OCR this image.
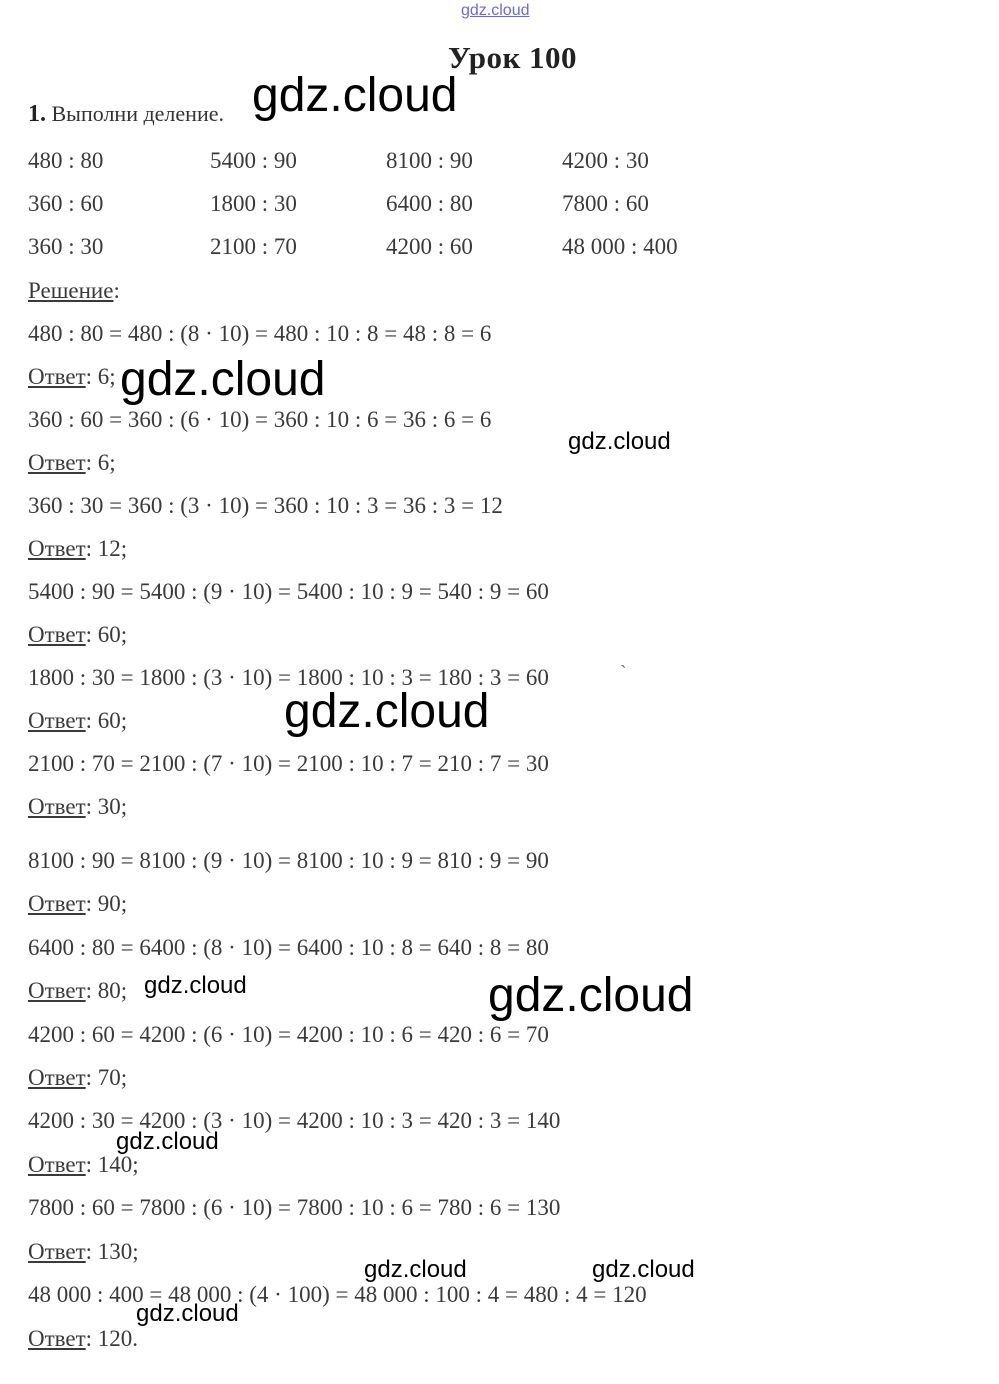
gdz.cloud
Урок 100
1. Выполни деление.
480 : 80	5400 : 90	8100 : 90	4200 : 30
360 : 60	1800 : 30	6400 : 80	7800 : 60
360 : 30	2100 : 70	4200 : 60	48 000 : 400
Решение:
480 : 80 = 480 : (8 · 10) = 480 : 10 : 8 = 48 : 8 = 6
Ответ: 6;
360 : 60 = 360 : (6 · 10) = 360 : 10 : 6 = 36 : 6 = 6
Ответ: 6;
360 : 30 = 360 : (3 · 10) = 360 : 10 : 3 = 36 : 3 = 12
Ответ: 12;
5400 : 90 = 5400 : (9 · 10) = 5400 : 10 : 9 = 540 : 9 = 60
Ответ: 60;
1800 : 30 = 1800 : (3 · 10) = 1800 : 10 : 3 = 180 : 3 = 60
Ответ: 60;
2100 : 70 = 2100 : (7 · 10) = 2100 : 10 : 7 = 210 : 7 = 30
Ответ: 30;
8100 : 90 = 8100 : (9 · 10) = 8100 : 10 : 9 = 810 : 9 = 90
Ответ: 90;
6400 : 80 = 6400 : (8 · 10) = 6400 : 10 : 8 = 640 : 8 = 80
Ответ: 80;
4200 : 60 = 4200 : (6 · 10) = 4200 : 10 : 6 = 420 : 6 = 70
Ответ: 70;
4200 : 30 = 4200 : (3 · 10) = 4200 : 10 : 3 = 420 : 3 = 140
Ответ: 140;
7800 : 60 = 7800 : (6 · 10) = 7800 : 10 : 6 = 780 : 6 = 130
Ответ: 130;
48 000 : 400 = 48 000 : (4 · 100) = 48 000 : 100 : 4 = 480 : 4 = 120
Ответ: 120.
`
gdz.cloud
gdz.cloud
gdz.cloud
gdz.cloud
gdz.cloud	gdz.cloud
gdz.cloud
gdz.cloud	gdz.cloud
gdz.cloud
